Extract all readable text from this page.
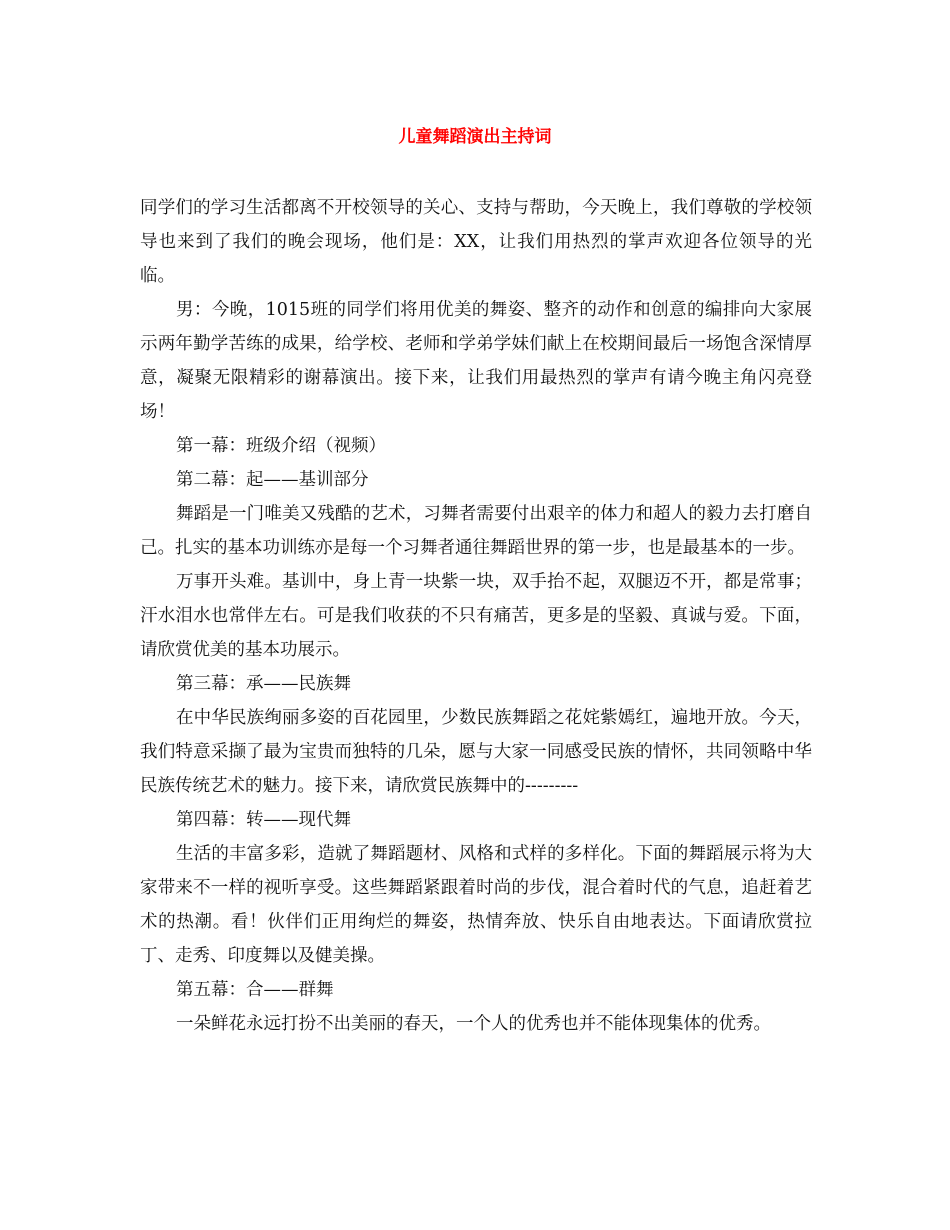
儿童舞蹈演出主持词

同学们的学习生活都离不开校领导的关心、支持与帮助，今天晚上，我们尊敬的学校领导也来到了我们的晚会现场，他们是：XX，让我们用热烈的掌声欢迎各位领导的光临。

男：今晚，1015班的同学们将用优美的舞姿、整齐的动作和创意的编排向大家展示两年勤学苦练的成果，给学校、老师和学弟学妹们献上在校期间最后一场饱含深情厚意，凝聚无限精彩的谢幕演出。接下来，让我们用最热烈的掌声有请今晚主角闪亮登场！

第一幕：班级介绍（视频）

第二幕：起——基训部分

舞蹈是一门唯美又残酷的艺术，习舞者需要付出艰辛的体力和超人的毅力去打磨自己。扎实的基本功训练亦是每一个习舞者通往舞蹈世界的第一步，也是最基本的一步。

万事开头难。基训中，身上青一块紫一块，双手抬不起，双腿迈不开，都是常事；汗水泪水也常伴左右。可是我们收获的不只有痛苦，更多是的坚毅、真诚与爱。下面，请欣赏优美的基本功展示。

第三幕：承——民族舞

在中华民族绚丽多姿的百花园里，少数民族舞蹈之花姹紫嫣红，遍地开放。今天，我们特意采撷了最为宝贵而独特的几朵，愿与大家一同感受民族的情怀，共同领略中华民族传统艺术的魅力。接下来，请欣赏民族舞中的---------

第四幕：转——现代舞

生活的丰富多彩，造就了舞蹈题材、风格和式样的多样化。下面的舞蹈展示将为大家带来不一样的视听享受。这些舞蹈紧跟着时尚的步伐，混合着时代的气息，追赶着艺术的热潮。看！伙伴们正用绚烂的舞姿，热情奔放、快乐自由地表达。下面请欣赏拉丁、走秀、印度舞以及健美操。

第五幕：合——群舞

一朵鲜花永远打扮不出美丽的春天，一个人的优秀也并不能体现集体的优秀。
